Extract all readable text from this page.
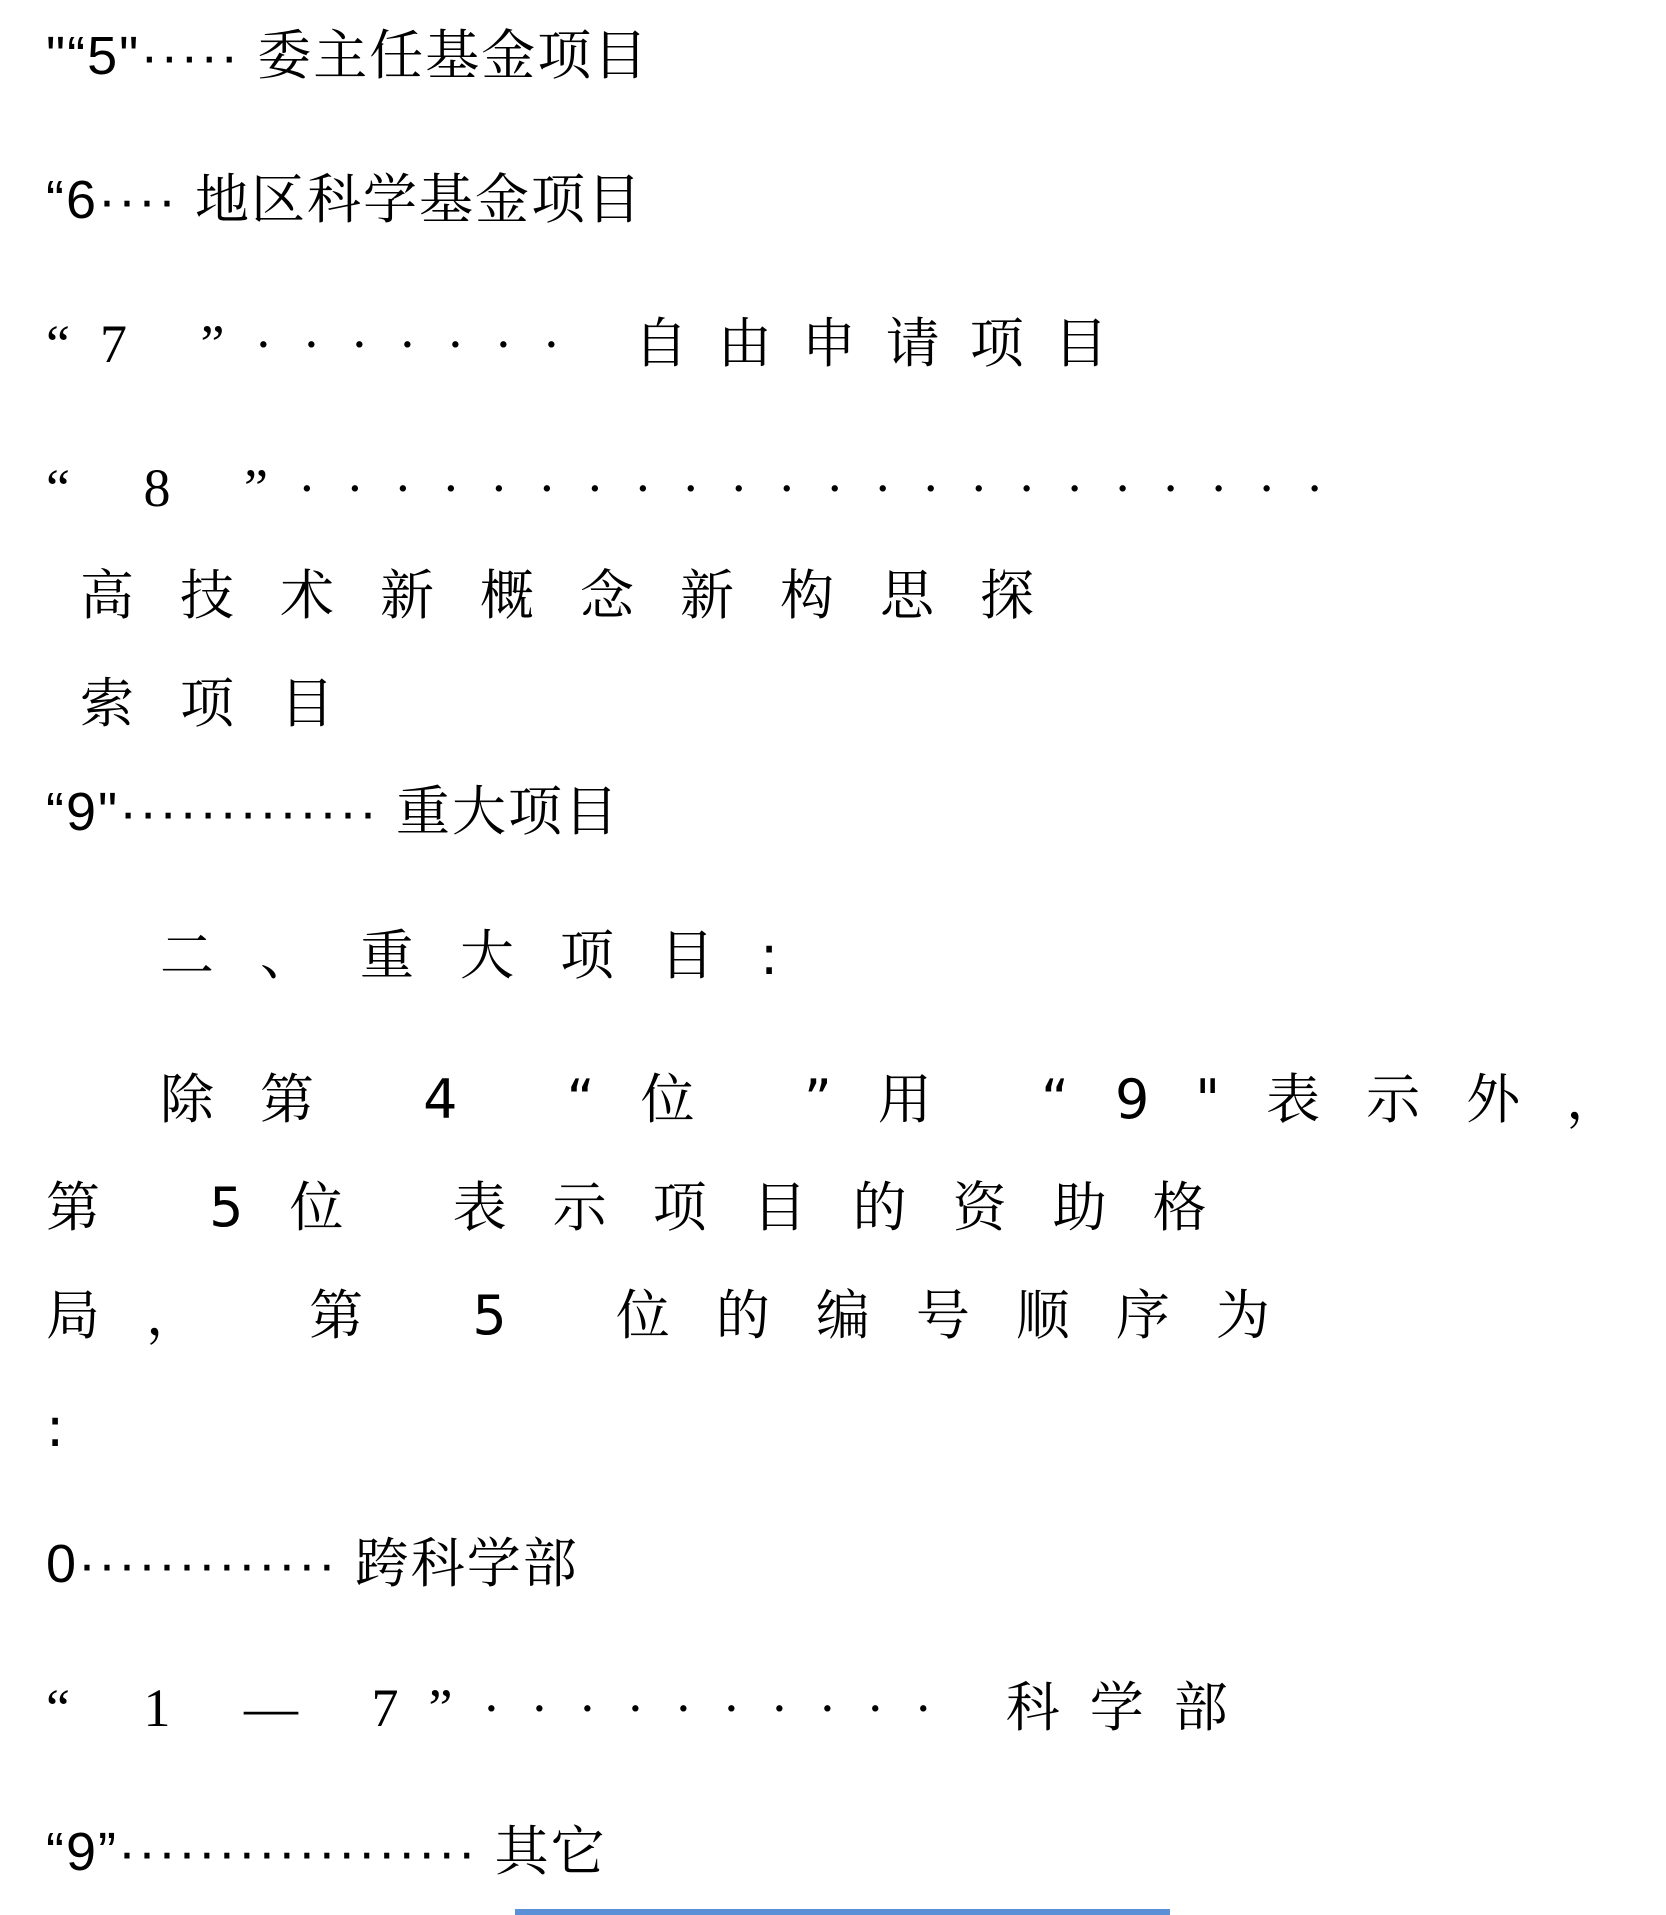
"“5"····· 委主任基金项目
“6···· 地区科学基金项目
“7 ”······· 自由申请项目
“ 8 ”······················
高技术新概念新构思探
索项目
“9"············· 重大项目
二、重大项目:
除第 4 “位 ”用 “9"表示外，
第 5位 表示项目的资助格
局， 第 5 位的编号顺序为
:
0············· 跨科学部
“ 1 — 7”·········· 科学部
“9”·················· 其它
